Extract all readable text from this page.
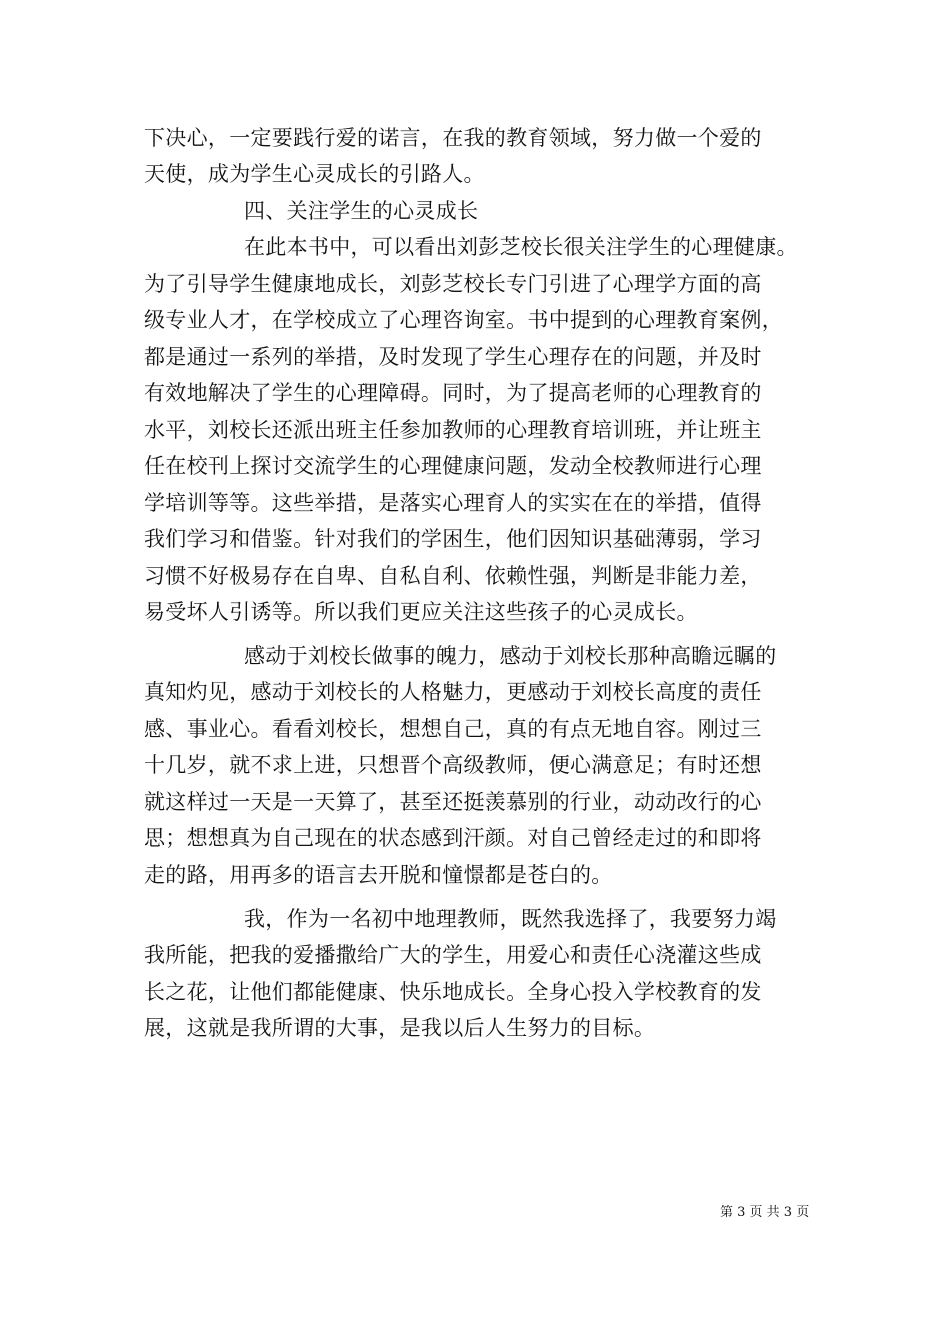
下决心，一定要践行爱的诺言，在我的教育领域，努力做一个爱的
天使，成为学生心灵成长的引路人。
四、关注学生的心灵成长
在此本书中，可以看出刘彭芝校长很关注学生的心理健康。
为了引导学生健康地成长，刘彭芝校长专门引进了心理学方面的高
级专业人才，在学校成立了心理咨询室。书中提到的心理教育案例，
都是通过一系列的举措，及时发现了学生心理存在的问题，并及时
有效地解决了学生的心理障碍。同时，为了提高老师的心理教育的
水平，刘校长还派出班主任参加教师的心理教育培训班，并让班主
任在校刊上探讨交流学生的心理健康问题，发动全校教师进行心理
学培训等等。这些举措，是落实心理育人的实实在在的举措，值得
我们学习和借鉴。针对我们的学困生，他们因知识基础薄弱，学习
习惯不好极易存在自卑、自私自利、依赖性强，判断是非能力差，
易受坏人引诱等。所以我们更应关注这些孩子的心灵成长。
感动于刘校长做事的魄力，感动于刘校长那种高瞻远瞩的
真知灼见，感动于刘校长的人格魅力，更感动于刘校长高度的责任
感、事业心。看看刘校长，想想自己，真的有点无地自容。刚过三
十几岁，就不求上进，只想晋个高级教师，便心满意足；有时还想
就这样过一天是一天算了，甚至还挺羡慕别的行业，动动改行的心
思；想想真为自己现在的状态感到汗颜。对自己曾经走过的和即将
走的路，用再多的语言去开脱和憧憬都是苍白的。
我，作为一名初中地理教师，既然我选择了，我要努力竭
我所能，把我的爱播撒给广大的学生，用爱心和责任心浇灌这些成
长之花，让他们都能健康、快乐地成长。全身心投入学校教育的发
展，这就是我所谓的大事，是我以后人生努力的目标。
第 3 页 共 3 页
